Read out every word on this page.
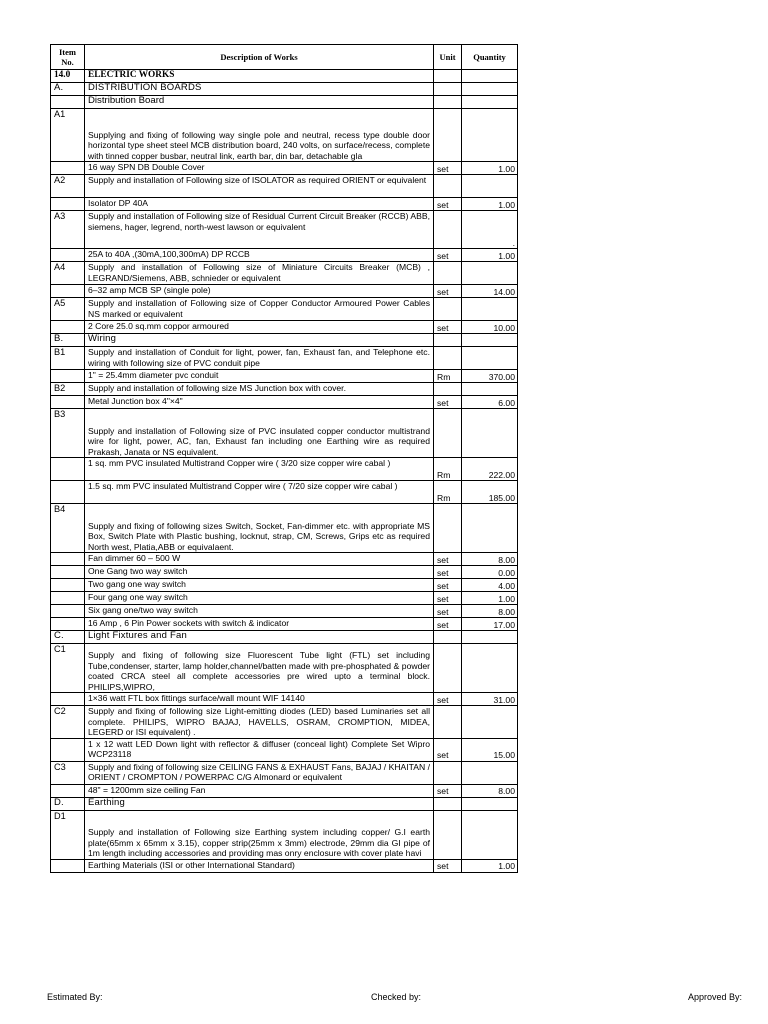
Item No.	Description of Works	Unit	Quantity
14.0	ELECTRIC WORKS		
A.	DISTRIBUTION BOARDS		
	Distribution Board		
A1	Supplying and fixing of following way single pole and neutral, recess type double door horizontal type sheet steel MCB distribution board, 240 volts, on surface/recess, complete with tinned copper busbar, neutral link, earth bar, din bar, detachable gla		
	16 way SPN DB Double Cover	set	1.00
A2	Supply and installation of Following size of ISOLATOR as required ORIENT or equivalent		
	Isolator DP 40A	set	1.00
A3	Supply and installation of Following size of Residual Current Circuit Breaker (RCCB) ABB, siemens, hager, legrend, north-west lawson or equivalent		.
	25A to 40A ,(30mA,100,300mA) DP RCCB	set	1.00
A4	Supply and installation of Following size of Miniature Circuits Breaker (MCB) , LEGRAND/Siemens, ABB, schnieder or equivalent		
	6–32 amp MCB SP (single pole)	set	14.00
A5	Supply and installation of Following size of Copper Conductor Armoured Power Cables NS marked or equivalent		
	2 Core 25.0 sq.mm coppor armoured	set	10.00
B.	Wiring		
B1	Supply and installation of Conduit for light, power, fan, Exhaust fan, and Telephone etc. wiring with following size of PVC conduit pipe		
	1" = 25.4mm diameter pvc conduit	Rm	370.00
B2	Supply and installation of following size MS Junction box with cover.		
	Metal Junction box 4"×4"	set	6.00
B3	Supply and installation of Following size of PVC insulated copper conductor multistrand wire for light, power, AC, fan, Exhaust fan including one Earthing wire as required Prakash, Janata or NS equivalent.		
	1 sq. mm PVC insulated Multistrand Copper wire ( 3/20 size copper wire cabal )	Rm	222.00
	1.5 sq. mm PVC insulated Multistrand Copper wire ( 7/20 size copper wire cabal )	Rm	185.00
B4	Supply and fixing of following sizes Switch, Socket, Fan-dimmer etc. with appropriate MS Box, Switch Plate with Plastic bushing, locknut, strap, CM, Screws, Grips etc as required North west, Platia,ABB or equivalaent.		
	Fan dimmer 60 – 500 W	set	8.00
	One Gang two way switch	set	0.00
	Two gang one way switch	set	4.00
	Four gang one way switch	set	1.00
	Six gang one/two way switch	set	8.00
	16 Amp , 6 Pin Power sockets with switch & indicator	set	17.00
C.	Light Fixtures and Fan		
C1	Supply and fixing of following size Fluorescent Tube light (FTL) set including Tube,condenser, starter, lamp holder,channel/batten made with pre-phosphated & powder coated CRCA steel all complete accessories pre wired upto a terminal block. PHILIPS,WIPRO,		
	1×36 watt FTL box fittings surface/wall mount WIF 14140	set	31.00
C2	Supply and fixing of following size Light-emitting diodes (LED) based Luminaries set all complete. PHILIPS, WIPRO BAJAJ, HAVELLS, OSRAM, CROMPTION, MIDEA, LEGERD or ISI equivalent) .		
	1 x 12 watt LED Down light with reflector & diffuser (conceal light) Complete Set Wipro WCP23118	set	15.00
C3	Supply and fixing of following size CEILING FANS & EXHAUST Fans, BAJAJ / KHAITAN / ORIENT / CROMPTON / POWERPAC C/G Almonard or equivalent		
	48" = 1200mm size ceiling Fan	set	8.00
D.	Earthing		
D1	Supply and installation of Following size Earthing system including copper/ G.I earth plate(65mm x 65mm x 3.15), copper strip(25mm x 3mm) electrode, 29mm dia GI pipe of 1m length including accessories and providing mas onry enclosure with cover plate havi		
	Earthing Materials (ISI or other International Standard)	set	1.00
Estimated By:	Checked by:	Approved By:
